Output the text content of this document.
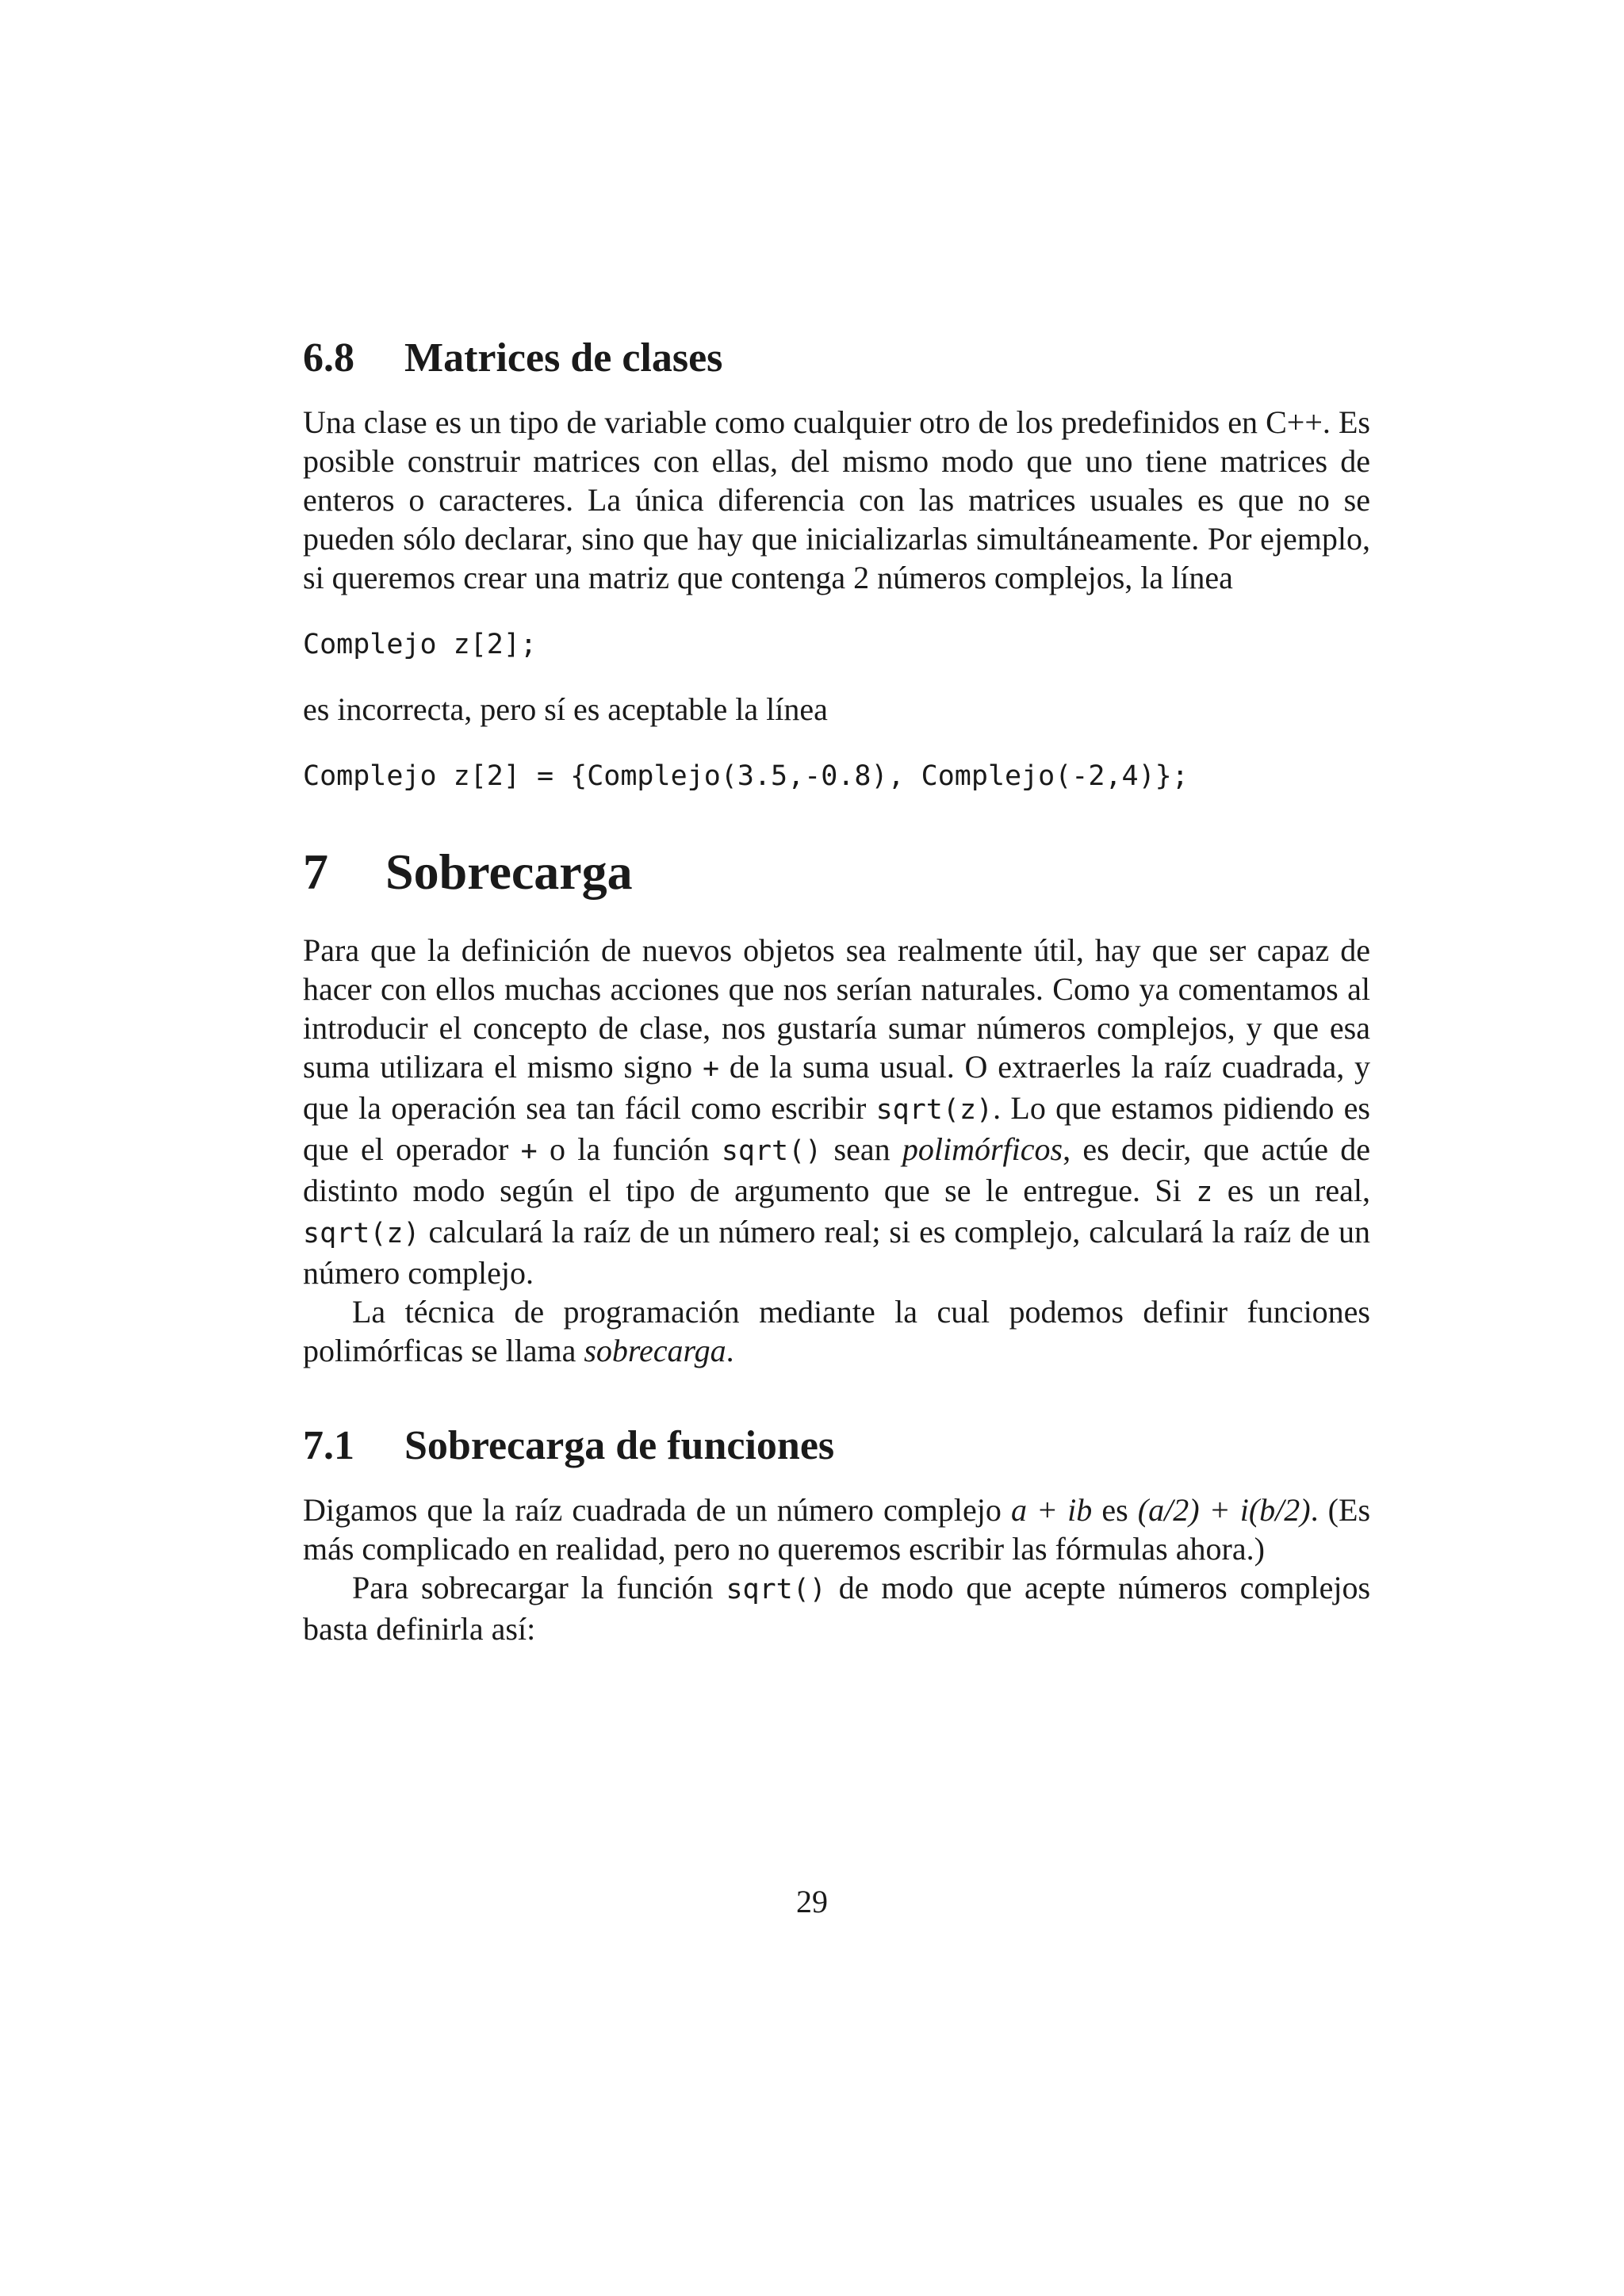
6.8 Matrices de clases

Una clase es un tipo de variable como cualquier otro de los predefinidos en C++. Es posible construir matrices con ellas, del mismo modo que uno tiene matrices de enteros o caracteres. La única diferencia con las matrices usuales es que no se pueden sólo declarar, sino que hay que inicializarlas simultáneamente. Por ejemplo, si queremos crear una matriz que contenga 2 números complejos, la línea

Complejo z[2];

es incorrecta, pero sí es aceptable la línea

Complejo z[2] = {Complejo(3.5,-0.8), Complejo(-2,4)};
7 Sobrecarga

Para que la definición de nuevos objetos sea realmente útil, hay que ser capaz de hacer con ellos muchas acciones que nos serían naturales. Como ya comentamos al introducir el concepto de clase, nos gustaría sumar números complejos, y que esa suma utilizara el mismo signo + de la suma usual. O extraerles la raíz cuadrada, y que la operación sea tan fácil como escribir sqrt(z). Lo que estamos pidiendo es que el operador + o la función sqrt() sean polimórficos, es decir, que actúe de distinto modo según el tipo de argumento que se le entregue. Si z es un real, sqrt(z) calculará la raíz de un número real; si es complejo, calculará la raíz de un número complejo.

La técnica de programación mediante la cual podemos definir funciones polimórficas se llama sobrecarga.

7.1 Sobrecarga de funciones

Digamos que la raíz cuadrada de un número complejo a + ib es (a/2) + i(b/2). (Es más complicado en realidad, pero no queremos escribir las fórmulas ahora.)

Para sobrecargar la función sqrt() de modo que acepte números complejos basta definirla así:

29
